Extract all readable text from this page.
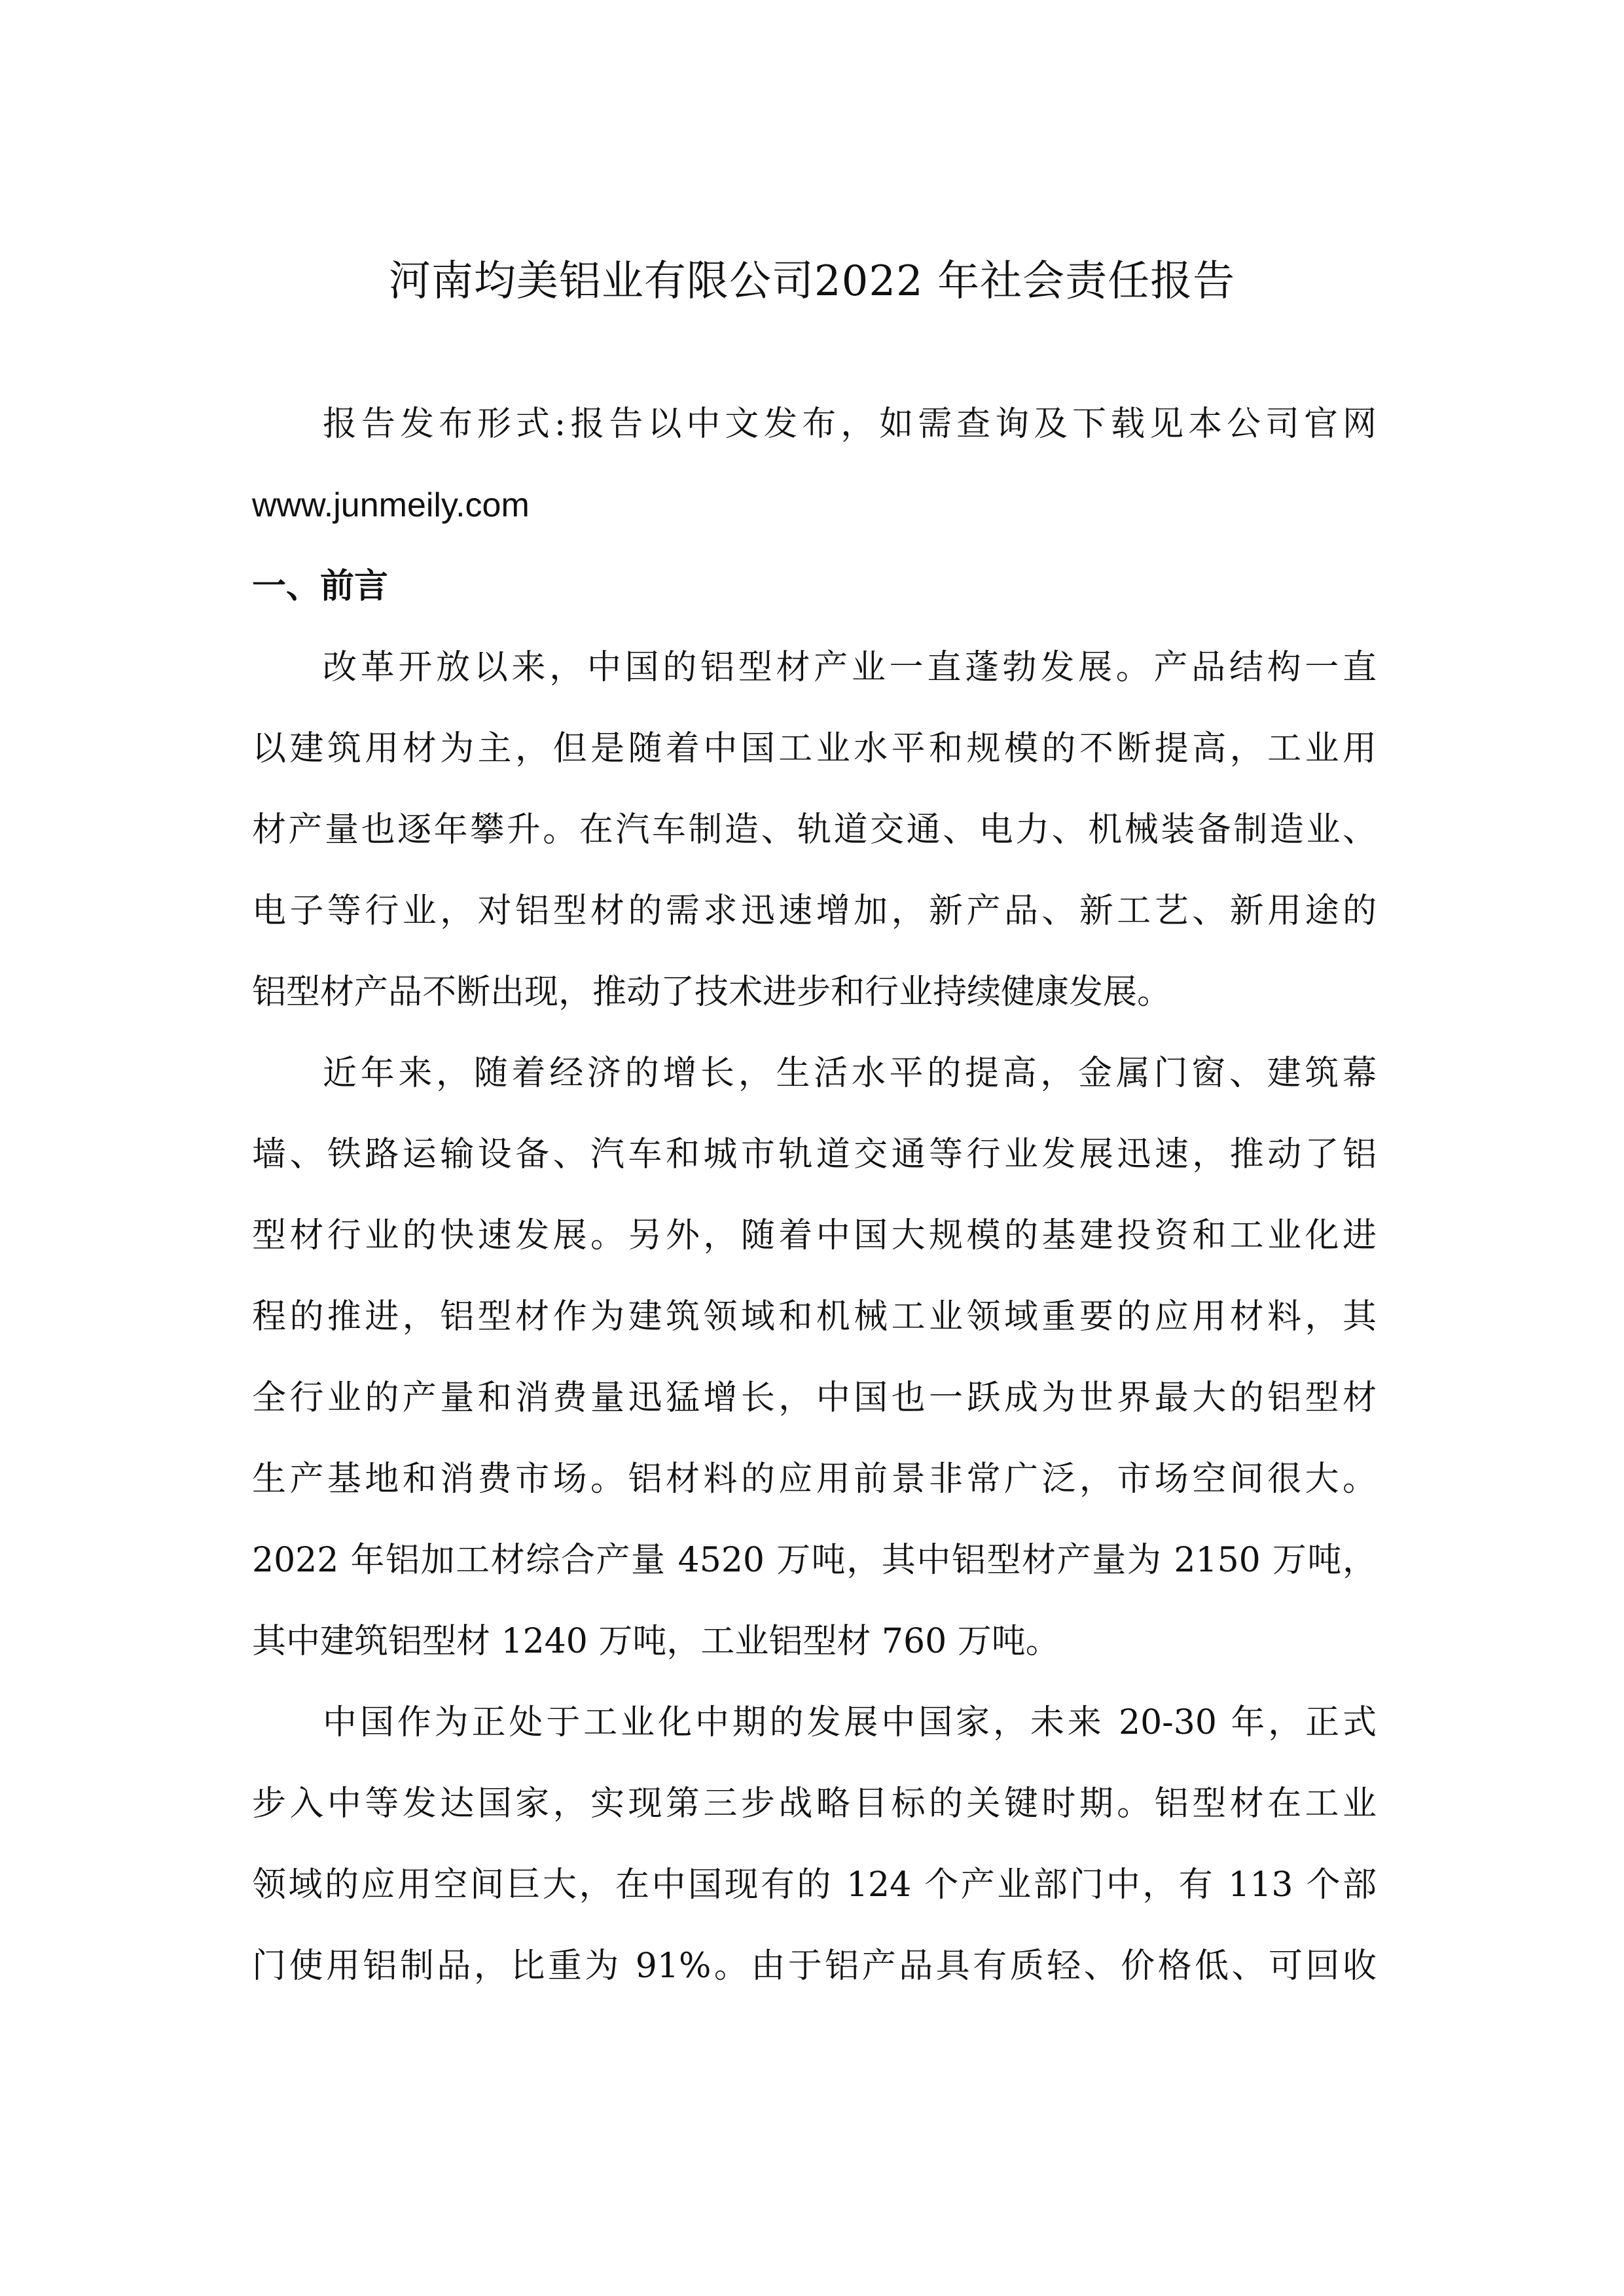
河南均美铝业有限公司2022 年社会责任报告
报告发布形式:报告以中文发布，如需查询及下载见本公司官网
www.junmeily.com
一、前言
改革开放以来，中国的铝型材产业一直蓬勃发展。产品结构一直
以建筑用材为主，但是随着中国工业水平和规模的不断提高，工业用
材产量也逐年攀升。在汽车制造、轨道交通、电力、机械装备制造业、
电子等行业，对铝型材的需求迅速增加，新产品、新工艺、新用途的
铝型材产品不断出现，推动了技术进步和行业持续健康发展。
近年来，随着经济的增长，生活水平的提高，金属门窗、建筑幕
墙、铁路运输设备、汽车和城市轨道交通等行业发展迅速，推动了铝
型材行业的快速发展。另外，随着中国大规模的基建投资和工业化进
程的推进，铝型材作为建筑领域和机械工业领域重要的应用材料，其
全行业的产量和消费量迅猛增长，中国也一跃成为世界最大的铝型材
生产基地和消费市场。铝材料的应用前景非常广泛，市场空间很大。
2022 年铝加工材综合产量 4520 万吨，其中铝型材产量为 2150 万吨，
其中建筑铝型材 1240 万吨，工业铝型材 760 万吨。
中国作为正处于工业化中期的发展中国家，未来 20-30 年，正式
步入中等发达国家，实现第三步战略目标的关键时期。铝型材在工业
领域的应用空间巨大，在中国现有的 124 个产业部门中，有 113 个部
门使用铝制品，比重为 91%。由于铝产品具有质轻、价格低、可回收
